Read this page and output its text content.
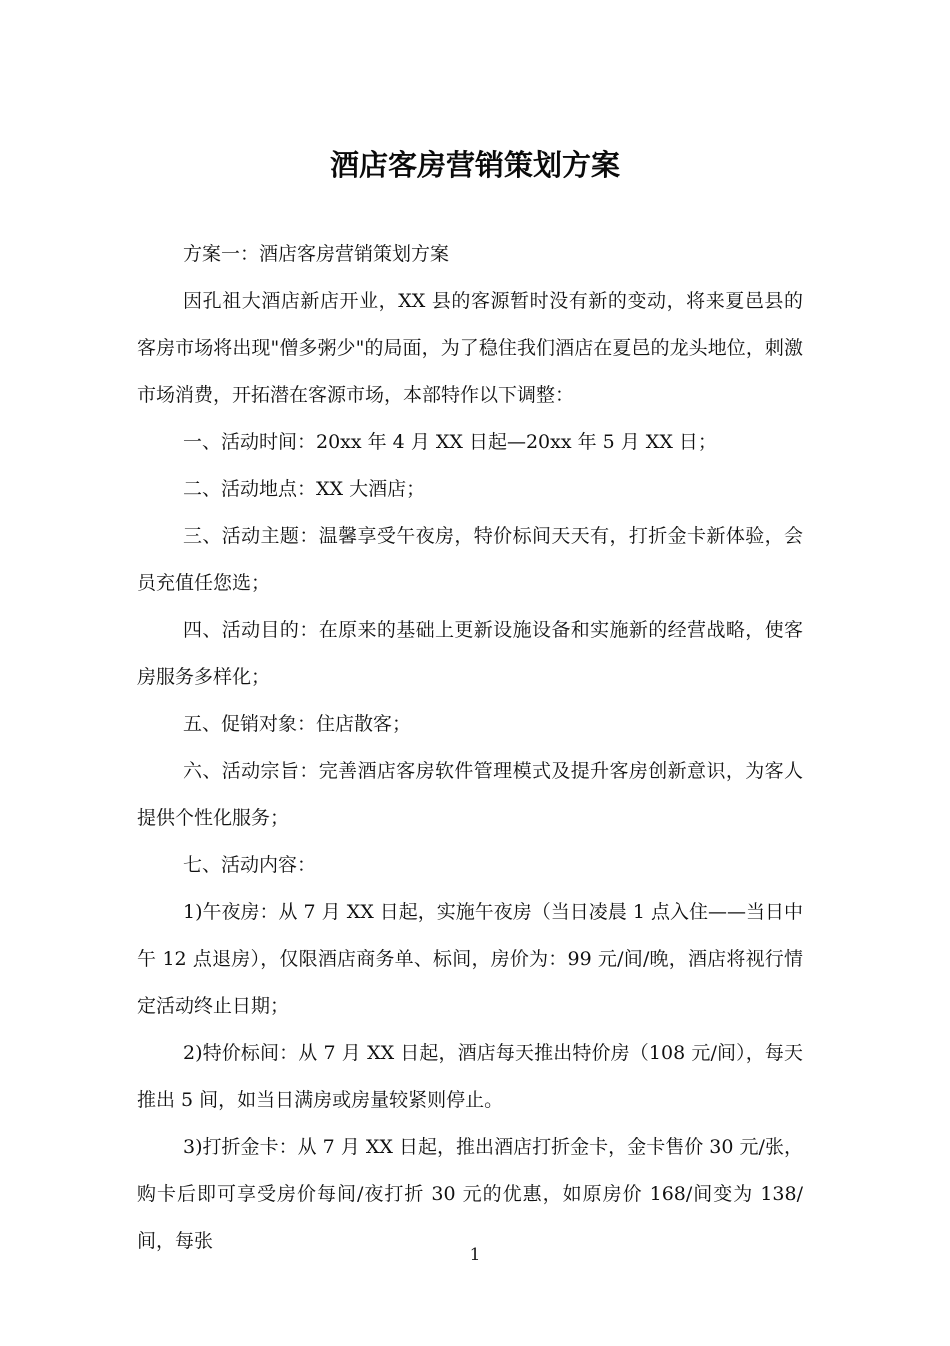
酒店客房营销策划方案

方案一：酒店客房营销策划方案

因孔祖大酒店新店开业，XX 县的客源暂时没有新的变动，将来夏邑县的客房市场将出现"僧多粥少"的局面，为了稳住我们酒店在夏邑的龙头地位，刺激市场消费，开拓潜在客源市场，本部特作以下调整：

一、活动时间：20xx 年 4 月 XX 日起—20xx 年 5 月 XX 日；

二、活动地点：XX 大酒店；

三、活动主题：温馨享受午夜房，特价标间天天有，打折金卡新体验，会员充值任您选；

四、活动目的：在原来的基础上更新设施设备和实施新的经营战略，使客房服务多样化；

五、促销对象：住店散客；

六、活动宗旨：完善酒店客房软件管理模式及提升客房创新意识，为客人提供个性化服务；

七、活动内容：

1)午夜房：从 7 月 XX 日起，实施午夜房（当日凌晨 1 点入住——当日中午 12 点退房），仅限酒店商务单、标间，房价为：99 元/间/晚，酒店将视行情定活动终止日期；

2)特价标间：从 7 月 XX 日起，酒店每天推出特价房（108 元/间），每天推出 5 间，如当日满房或房量较紧则停止。

3)打折金卡：从 7 月 XX 日起，推出酒店打折金卡，金卡售价 30 元/张，购卡后即可享受房价每间/夜打折 30 元的优惠，如原房价 168/间变为 138/间，每张

1
